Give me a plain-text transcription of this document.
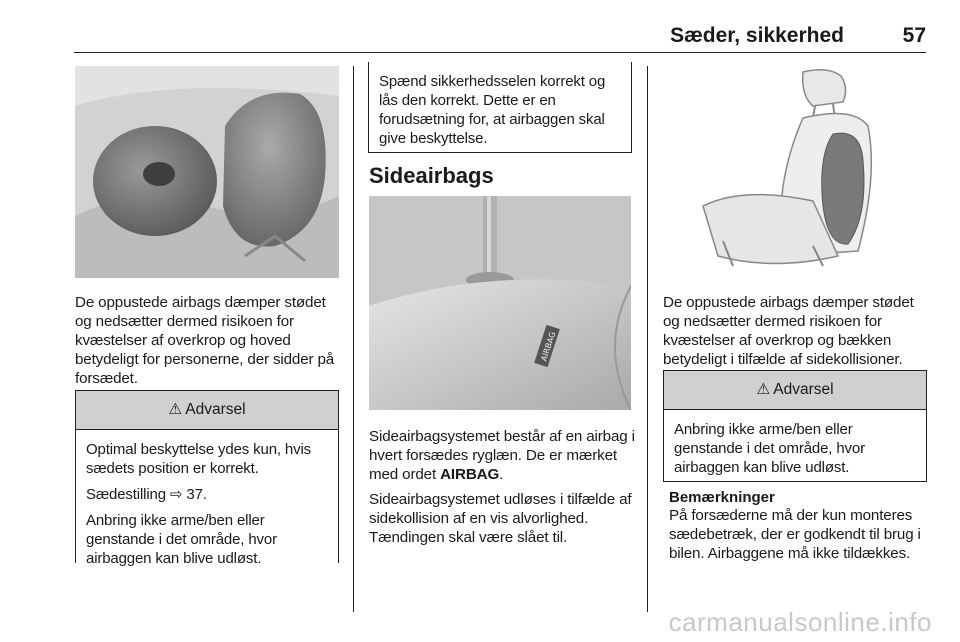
Sæder, sikkerhed	57

De oppustede airbags dæmper stødet og nedsætter dermed risikoen for kvæstelser af overkrop og hoved betydeligt for personerne, der sidder på forsædet.

⚠ Advarsel

Optimal beskyttelse ydes kun, hvis sædets position er korrekt.

Sædestilling ⇨ 37.

Anbring ikke arme/ben eller genstande i det område, hvor airbaggen kan blive udløst.

Spænd sikkerhedsselen korrekt og lås den korrekt. Dette er en forudsætning for, at airbaggen skal give beskyttelse.

Sideairbags
AIRBAG

Sideairbagsystemet består af en airbag i hvert forsædes ryglæn. De er mærket med ordet AIRBAG.

Sideairbagsystemet udløses i tilfælde af sidekollision af en vis alvorlighed. Tændingen skal være slået til.

De oppustede airbags dæmper stødet og nedsætter dermed risikoen for kvæstelser af overkrop og bækken betydeligt i tilfælde af sidekollisioner.

⚠ Advarsel

Anbring ikke arme/ben eller genstande i det område, hvor airbaggen kan blive udløst.

Bemærkninger

På forsæderne må der kun monteres sædebetræk, der er godkendt til brug i bilen. Airbaggene må ikke tildækkes.

carmanualsonline.info
